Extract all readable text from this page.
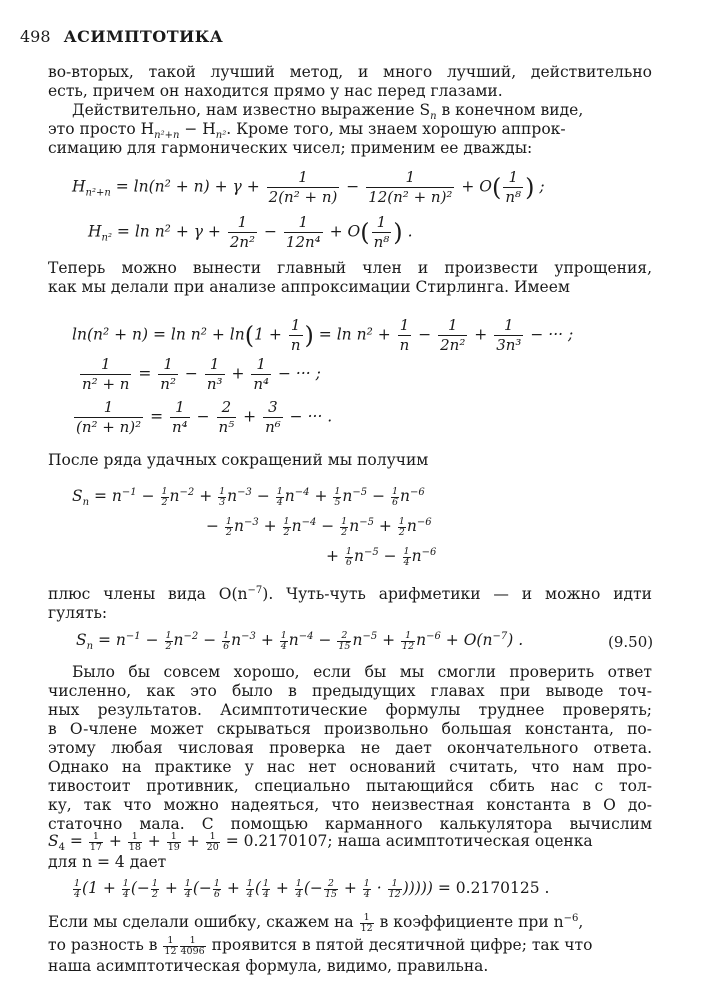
498 АСИМПТОТИКА
во-вторых, такой лучший метод, и много лучший, действительно
есть, причем он находится прямо у нас перед глазами.
Действительно, нам известно выражение $S_n$ в конечном виде,
это просто $H_{n^2+n} - H_{n^2}$. Кроме того, мы знаем хорошую аппрок-
симацию для гармонических чисел; применим ее дважды:
$H_{n^2+n} = \ln(n^2 + n) + \gamma + \frac{1}{\text{2(n² + n)}} - \frac{1}{\text{12(n² + n)²}} + O( \frac{1}{\text{n⁸}}$ ) ;
$H_{n^2} = \ln n^2 + \gamma + \frac{1}{\text{2n²}} - \frac{1}{\text{12n⁴}} + O( \frac{1}{\text{n⁸}}$ ) .
Теперь можно вынести главный член и произвести упрощения,
как мы делали при анализе аппроксимации Стирлинга. Имеем
$\ln(n^2 + n) = \ln n^2 + \ln(1 + \frac{1}{n}$ ) = $\ln n^2 + \frac{1}{n} - \frac{1}{\text{2n²}} + \frac{1}{\text{3n³}}$ − ··· ;
$\frac{1}{\text{n² + n}} = \frac{1}{\text{n²}} - \frac{1}{\text{n³}} + \frac{1}{\text{n⁴}}$ − ··· ;
$\frac{1}{\text{(n² + n)²}} = \frac{1}{\text{n⁴}} - \frac{2}{\text{n⁵}} + \frac{3}{\text{n⁶}}$ − ··· .
После ряда удачных сокращений мы получим
$S_n = n^{-1} - \frac{1}{2} n^{-2} + \frac{1}{3} n^{-3} - \frac{1}{4} n^{-4} + \frac{1}{5} n^{-5} - \frac{1}{6} n^{-6}$
− $\frac{1}{2} n^{-3} + \frac{1}{2} n^{-4} - \frac{1}{2} n^{-5} + \frac{1}{2} n^{-6}$
+ $\frac{1}{6} n^{-5} - \frac{1}{4} n^{-6}$
плюс члены вида $O(n^{-7})$. Чуть-чуть арифметики — и можно идти
гулять:
$S_n = n^{-1} - \frac{1}{2} n^{-2} - \frac{1}{6} n^{-3} + \frac{1}{4} n^{-4} - \frac{2}{15} n^{-5} + \frac{1}{12} n^{-6} + O(n^{-7})$ .	(9.50)
Было бы совсем хорошо, если бы мы смогли проверить ответ
численно, как это было в предыдущих главах при выводе точ-
ных результатов. Асимптотические формулы труднее проверять;
в O-члене может скрываться произвольно большая константа, по-
этому любая числовая проверка не дает окончательного ответа.
Однако на практике у нас нет оснований считать, что нам про-
тивостоит противник, специально пытающийся сбить нас с тол-
ку, так что можно надеяться, что неизвестная константа в O до-
статочно мала. С помощью карманного калькулятора вычислим
$S_4 = \frac{1}{17} + \frac{1}{18} + \frac{1}{19} + \frac{1}{20} = 0.2170107$; наша асимптотическая оценка
для n = 4 дает
$\frac{1}{4} (1 + \frac{1}{4}$ (− $\frac{1}{2} + \frac{1}{4}$ (− $\frac{1}{6} + \frac{1}{4}$ ( $\frac{1}{4} + \frac{1}{4}$ (− $\frac{2}{15} + \frac{1}{4} \cdot \frac{1}{12}$ ))))) = 0.2170125 .
Если мы сделали ошибку, скажем на $\frac{1}{12}$ в коэффициенте при $n^{-6}$,
то разность в $\frac{1}{12} \frac{1}{4096}$ проявится в пятой десятичной цифре; так что
наша асимптотическая формула, видимо, правильна.
